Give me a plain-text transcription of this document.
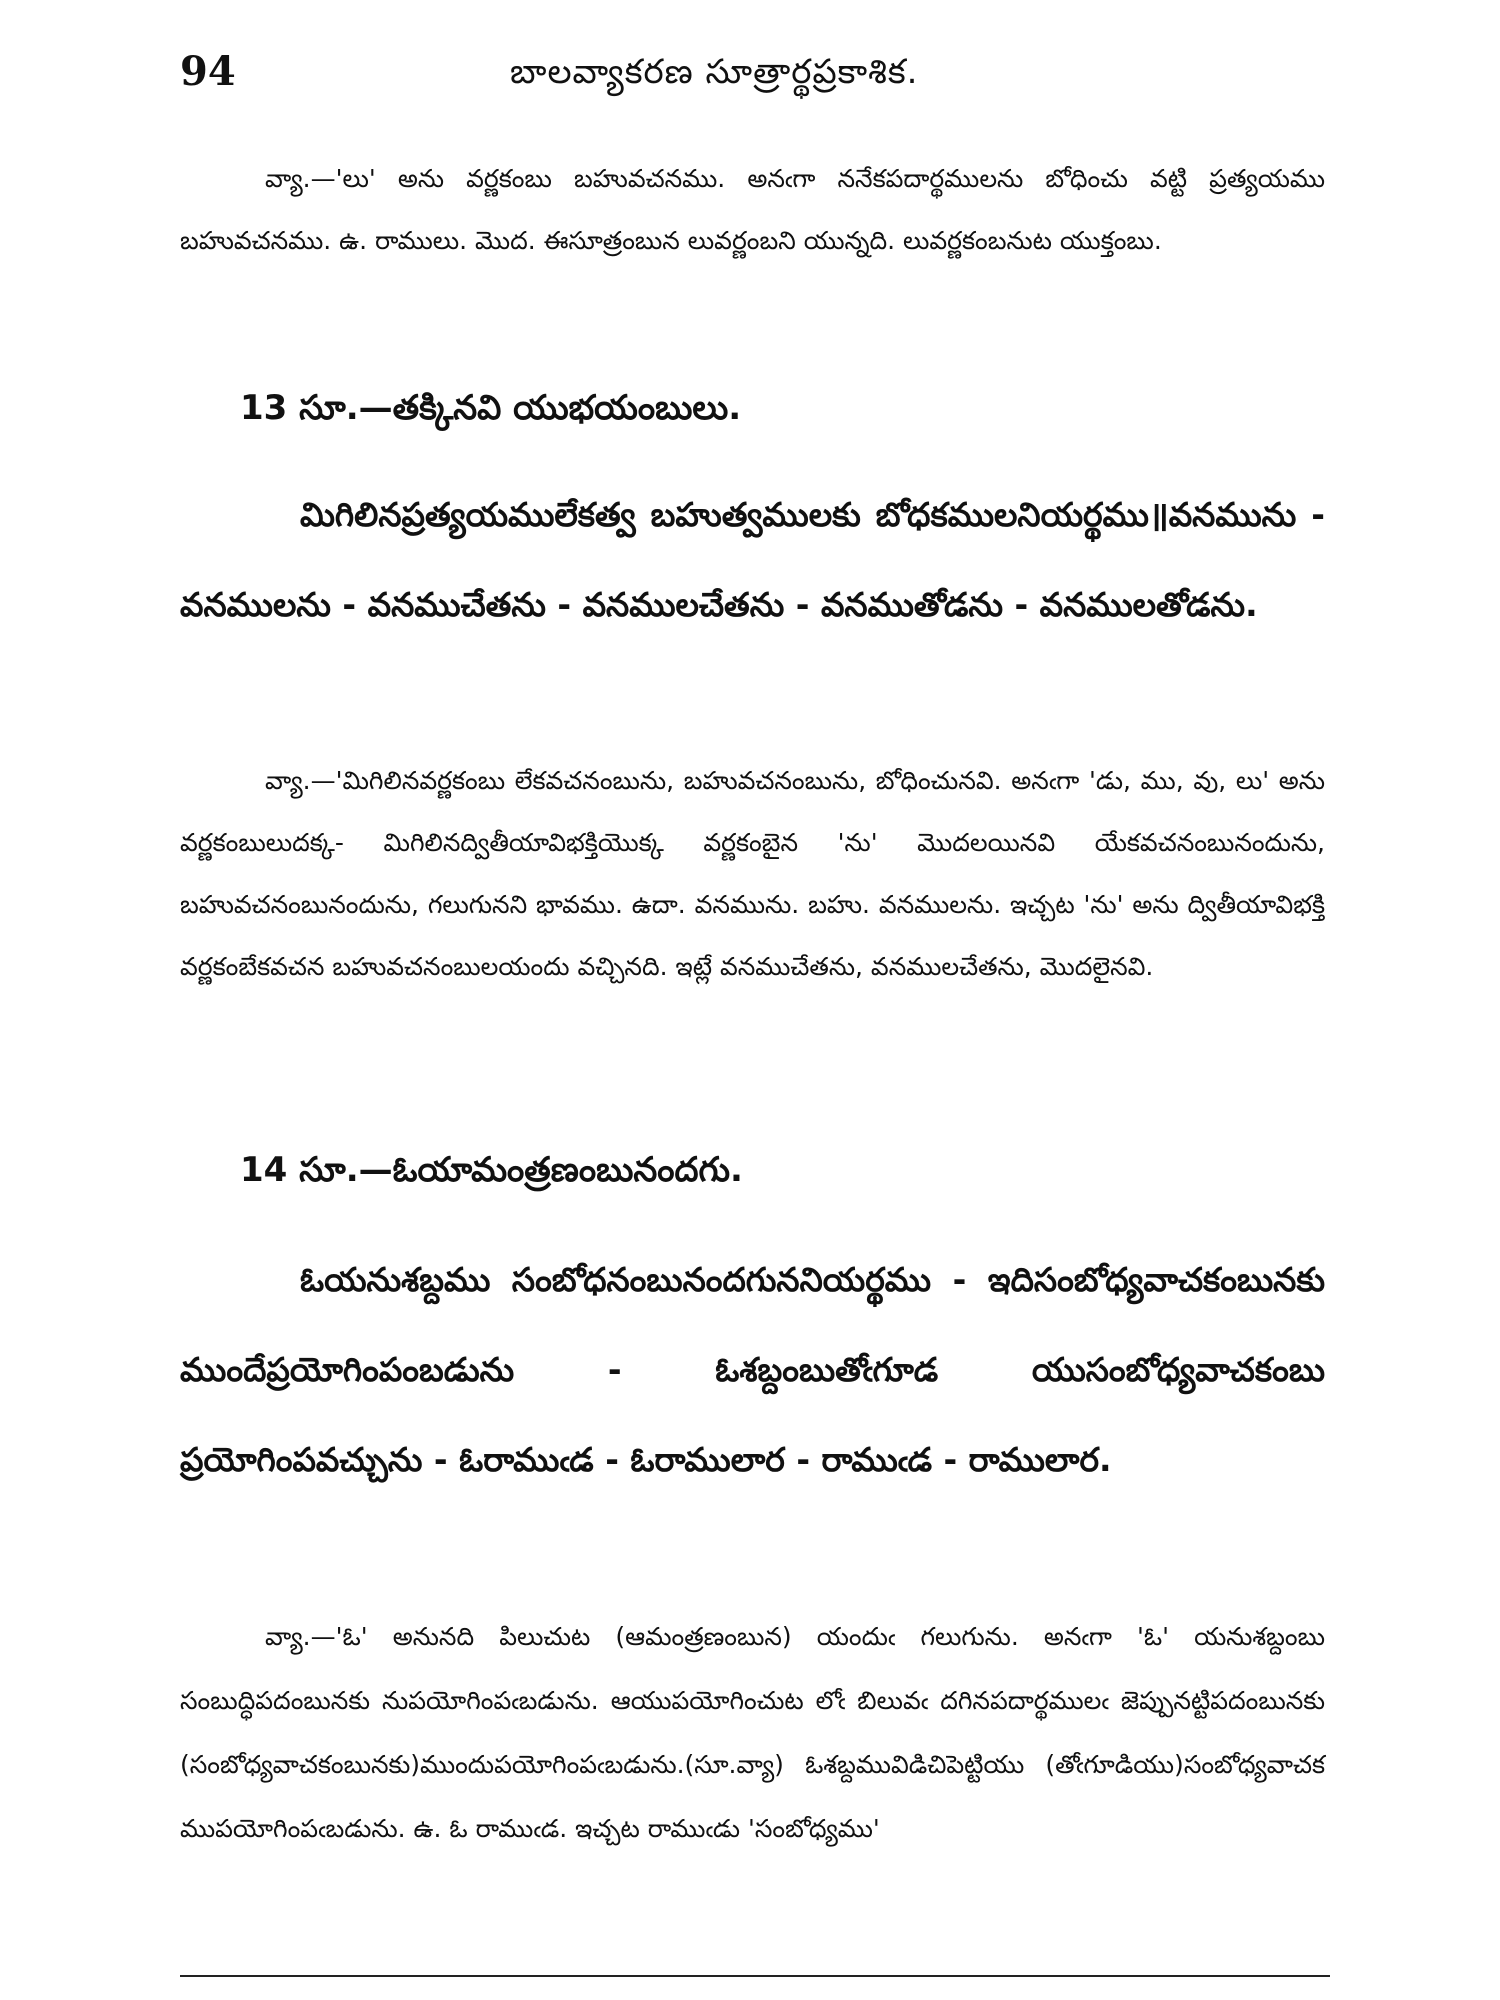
94	బాలవ్యాకరణ సూత్రార్థప్రకాశిక.

వ్యా.—'లు' అను వర్ణకంబు బహువచనము. అనఁగా ననేకపదార్థములను బోధించు వట్టి ప్రత్యయము బహువచనము. ఉ. రాములు. మొద. ఈసూత్రంబున లువర్ణంబని యున్నది. లువర్ణకంబనుట యుక్తంబు.

13 సూ.—తక్కినవి యుభయంబులు.

మిగిలినప్రత్యయములేకత్వ బహుత్వములకు బోధకములనియర్థము॥వనమును - వనములను - వనముచేతను - వనములచేతను - వనముతోడను - వనములతోడను.

వ్యా.—'మిగిలినవర్ణకంబు లేకవచనంబును, బహువచనంబును, బోధించునవి. అనఁగా 'డు, ము, వు, లు' అను వర్ణకంబులుదక్క- మిగిలినద్వితీయావిభక్తియొక్క వర్ణకంబైన 'ను' మొదలయినవి యేకవచనంబునందును, బహువచనంబునందును, గలుగునని భావము. ఉదా. వనమును. బహు. వనములను. ఇచ్చట 'ను' అను ద్వితీయావిభక్తి వర్ణకంబేకవచన బహువచనంబులయందు వచ్చినది. ఇట్లే వనముచేతను, వనములచేతను, మొదలైనవి.

14 సూ.—ఓయామంత్రణంబునందగు.

ఓయనుశబ్దము సంబోధనంబునందగుననియర్థము - ఇదిసంబోధ్యవాచకంబునకు ముందేప్రయోగింపంబడును - ఓశబ్దంబుతోఁగూడ యుసంబోధ్యవాచకంబు ప్రయోగింపవచ్చును - ఓరాముఁడ - ఓరాములార - రాముఁడ - రాములార.

వ్యా.—'ఓ' అనునది పిలుచుట (ఆమంత్రణంబున) యందుఁ గలుగును. అనఁగా 'ఓ' యనుశబ్దంబు సంబుద్ధిపదంబునకు నుపయోగింపఁబడును. ఆయుపయోగించుట లోఁ బిలువఁ దగినపదార్థములఁ జెప్పునట్టిపదంబునకు (సంబోధ్యవాచకంబునకు)ముందుపయోగింపఁబడును.(సూ.వ్యా) ఓశబ్దమువిడిచిపెట్టియు (తోఁగూడియు)సంబోధ్యవాచక ముపయోగింపఁబడును. ఉ. ఓ రాముఁడ. ఇచ్చట రాముఁడు 'సంబోధ్యము'
